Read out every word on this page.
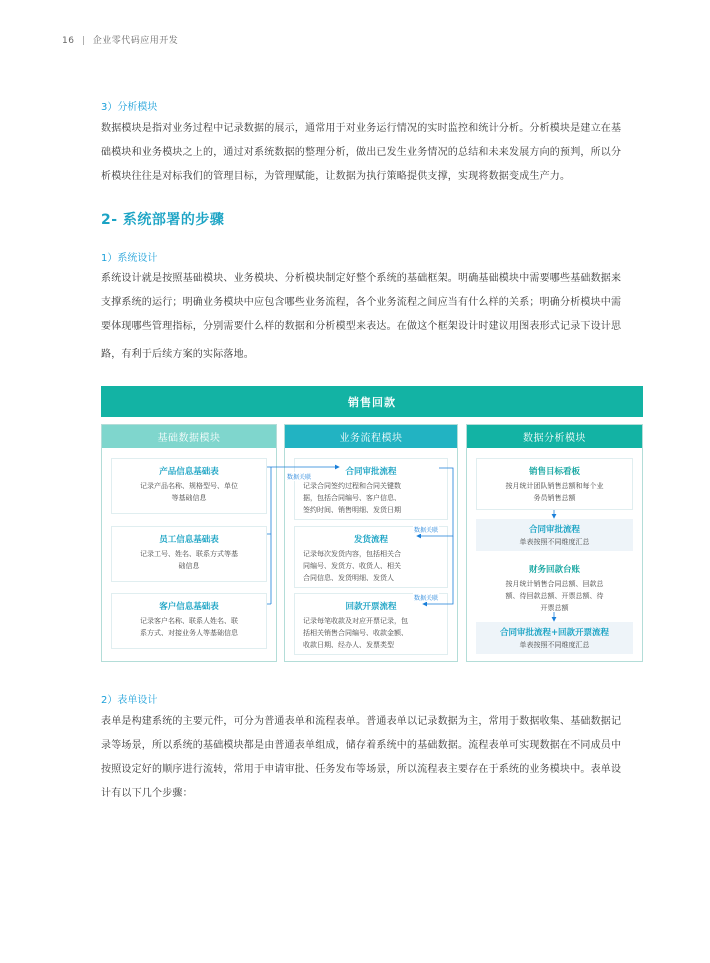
16 | 企业零代码应用开发
3）分析模块

数据模块是指对业务过程中记录数据的展示，通常用于对业务运行情况的实时监控和统计分析。分析模块是建立在基

础模块和业务模块之上的，通过对系统数据的整理分析，做出已发生业务情况的总结和未来发展方向的预判，所以分

析模块往往是对标我们的管理目标，为管理赋能，让数据为执行策略提供支撑，实现将数据变成生产力。

2- 系统部署的步骤
1）系统设计

系统设计就是按照基础模块、业务模块、分析模块制定好整个系统的基础框架。明确基础模块中需要哪些基础数据来

支撑系统的运行；明确业务模块中应包含哪些业务流程，各个业务流程之间应当有什么样的关系；明确分析模块中需

要体现哪些管理指标，分别需要什么样的数据和分析模型来表达。在做这个框架设计时建议用图表形式记录下设计思

路，有利于后续方案的实际落地。

销售回款
基础数据模块	业务流程模块	数据分析模块
产品信息基础表
记录产品名称、规格型号、单位
等基础信息
员工信息基础表
记录工号、姓名、联系方式等基
础信息
客户信息基础表
记录客户名称、联系人姓名、联
系方式、对接业务人等基础信息
合同审批流程
记录合同签约过程和合同关键数
据，包括合同编号、客户信息、
签约时间、销售明细、发货日期
发货流程
记录每次发货内容，包括相关合
同编号、发货方、收货人、相关
合同信息、发货明细、发货人
回款开票流程
记录每笔收款及对应开票记录，包
括相关销售合同编号、收款金额、
收款日期、经办人、发票类型
销售目标看板
按月统计团队销售总额和每个业
务员销售总额
合同审批流程
单表按照不同维度汇总
财务回款台账
按月统计销售合同总额、回款总
额、待回款总额、开票总额、待
开票总额
合同审批流程+回款开票流程
单表按照不同维度汇总
数据关联
数据关联
数据关联
2）表单设计

表单是构建系统的主要元件，可分为普通表单和流程表单。普通表单以记录数据为主，常用于数据收集、基础数据记

录等场景，所以系统的基础模块都是由普通表单组成，储存着系统中的基础数据。流程表单可实现数据在不同成员中

按照设定好的顺序进行流转，常用于申请审批、任务发布等场景，所以流程表主要存在于系统的业务模块中。表单设

计有以下几个步骤：
